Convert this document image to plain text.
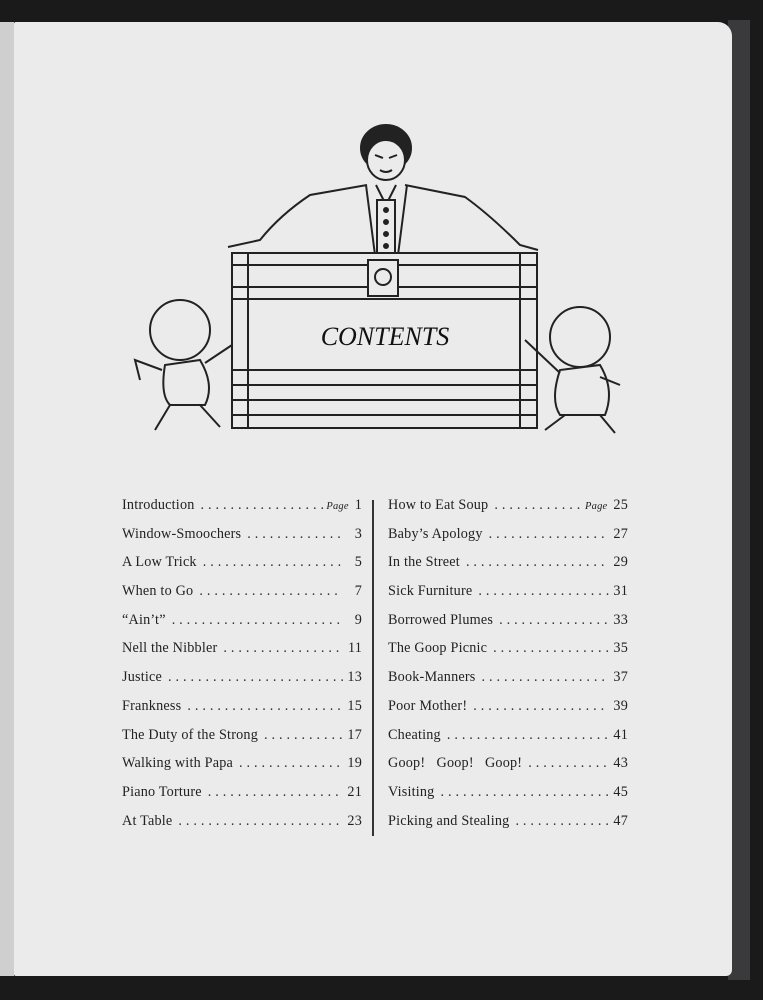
CONTENTS
Introduction . . . . . . . . . . . . . . . . . Page 1
Window-Smoochers . . . . . . . . . . . . . 3
A Low Trick . . . . . . . . . . . . . . . . . . . 5
When to Go . . . . . . . . . . . . . . . . . . .	7
“Ain’t” . . . . . . . . . . . . . . . . . . . . . . .	9
Nell the Nibbler . . . . . . . . . . . . . . . . 11
Justice . . . . . . . . . . . . . . . . . . . . . . . . 13
Frankness . . . . . . . . . . . . . . . . . . . . . 15
The Duty of the Strong . . . . . . . . . . . 17
Walking with Papa . . . . . . . . . . . . . . 19
Piano Torture . . . . . . . . . . . . . . . . . . 21
At Table . . . . . . . . . . . . . . . . . . . . . . 23
How to Eat Soup . . . . . . . . . . . . Page 25
Baby’s Apology . . . . . . . . . . . . . . . . 27
In the Street . . . . . . . . . . . . . . . . . . . 29
Sick Furniture . . . . . . . . . . . . . . . . . . 31
Borrowed Plumes . . . . . . . . . . . . . . . 33
The Goop Picnic . . . . . . . . . . . . . . . . 35
Book-Manners . . . . . . . . . . . . . . . . . 37
Poor Mother! . . . . . . . . . . . . . . . . . . 39
Cheating . . . . . . . . . . . . . . . . . . . . . . 41
Goop!   Goop!   Goop! . . . . . . . . . . . 43
Visiting . . . . . . . . . . . . . . . . . . . . . . . 45
Picking and Stealing . . . . . . . . . . . . . 47
